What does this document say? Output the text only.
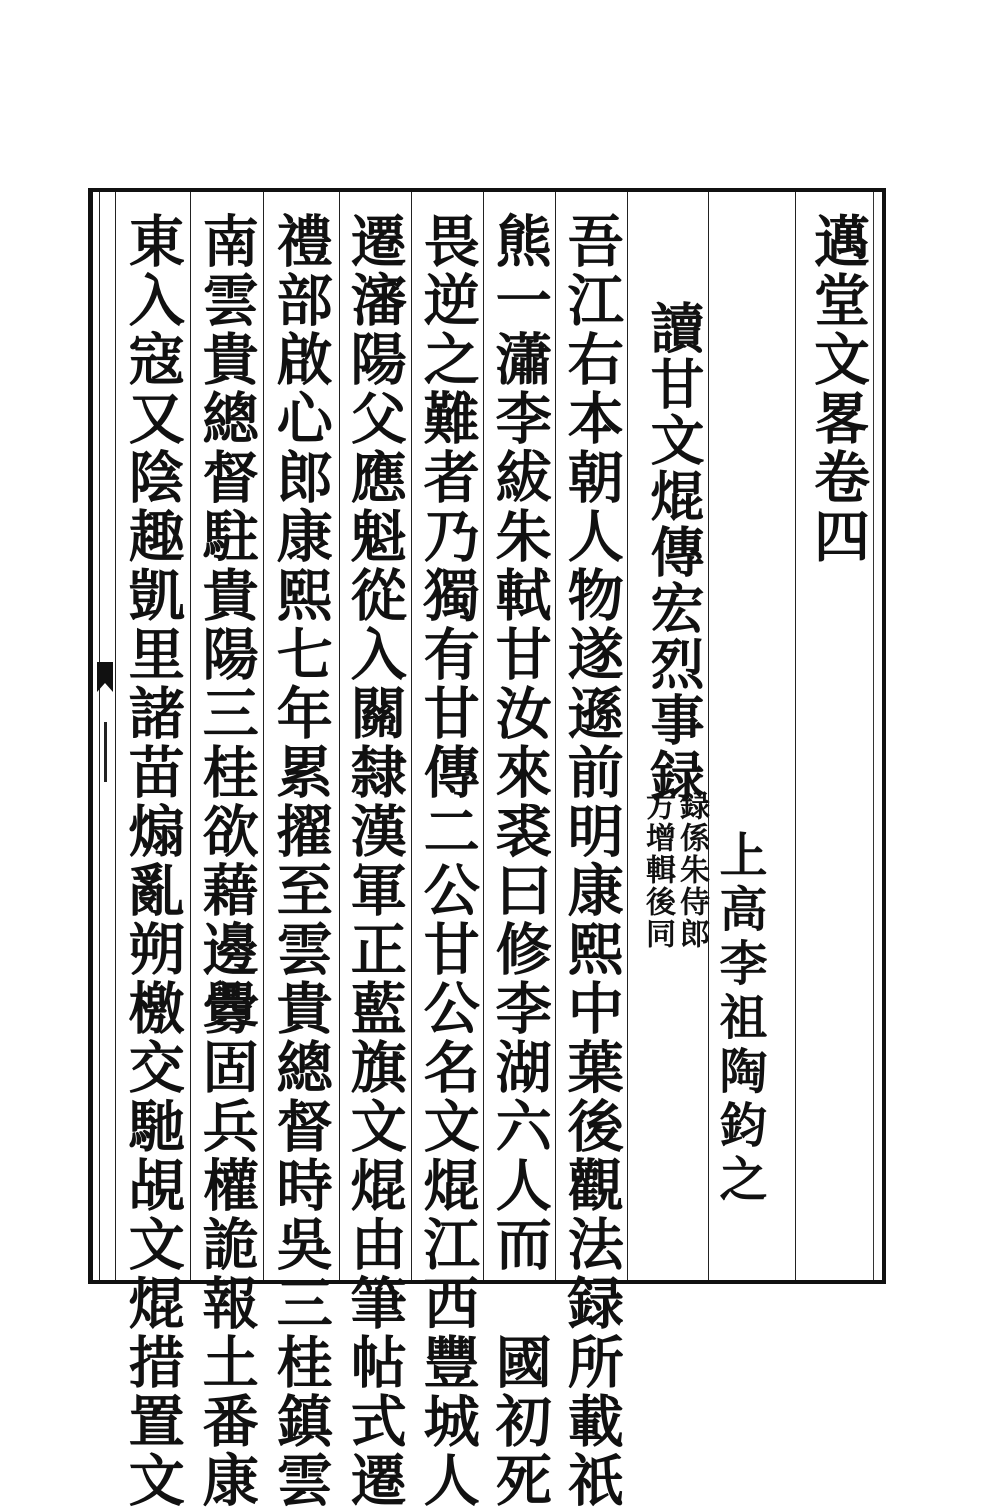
邁堂文畧卷四
上高李祖陶鈞之
讀甘文焜傳宏烈事録
録係朱侍郎
方增輯後同
吾江右本朝人物遂遜前明康熙中葉後觀法録所載祇
熊一瀟李紱朱軾甘汝來裘曰修李湖六人而　國初死
畏逆之難者乃獨有甘傳二公甘公名文焜江西豐城人
遷瀋陽父應魁從入關隸漢軍正藍旗文焜由筆帖式遷
禮部啟心郎康熙七年累擢至雲貴總督時吳三桂鎮雲
南雲貴總督駐貴陽三桂欲藉邊釁固兵權詭報土番康
東入寇又陰趣凱里諸苗煽亂朔檄交馳覘文焜措置文
